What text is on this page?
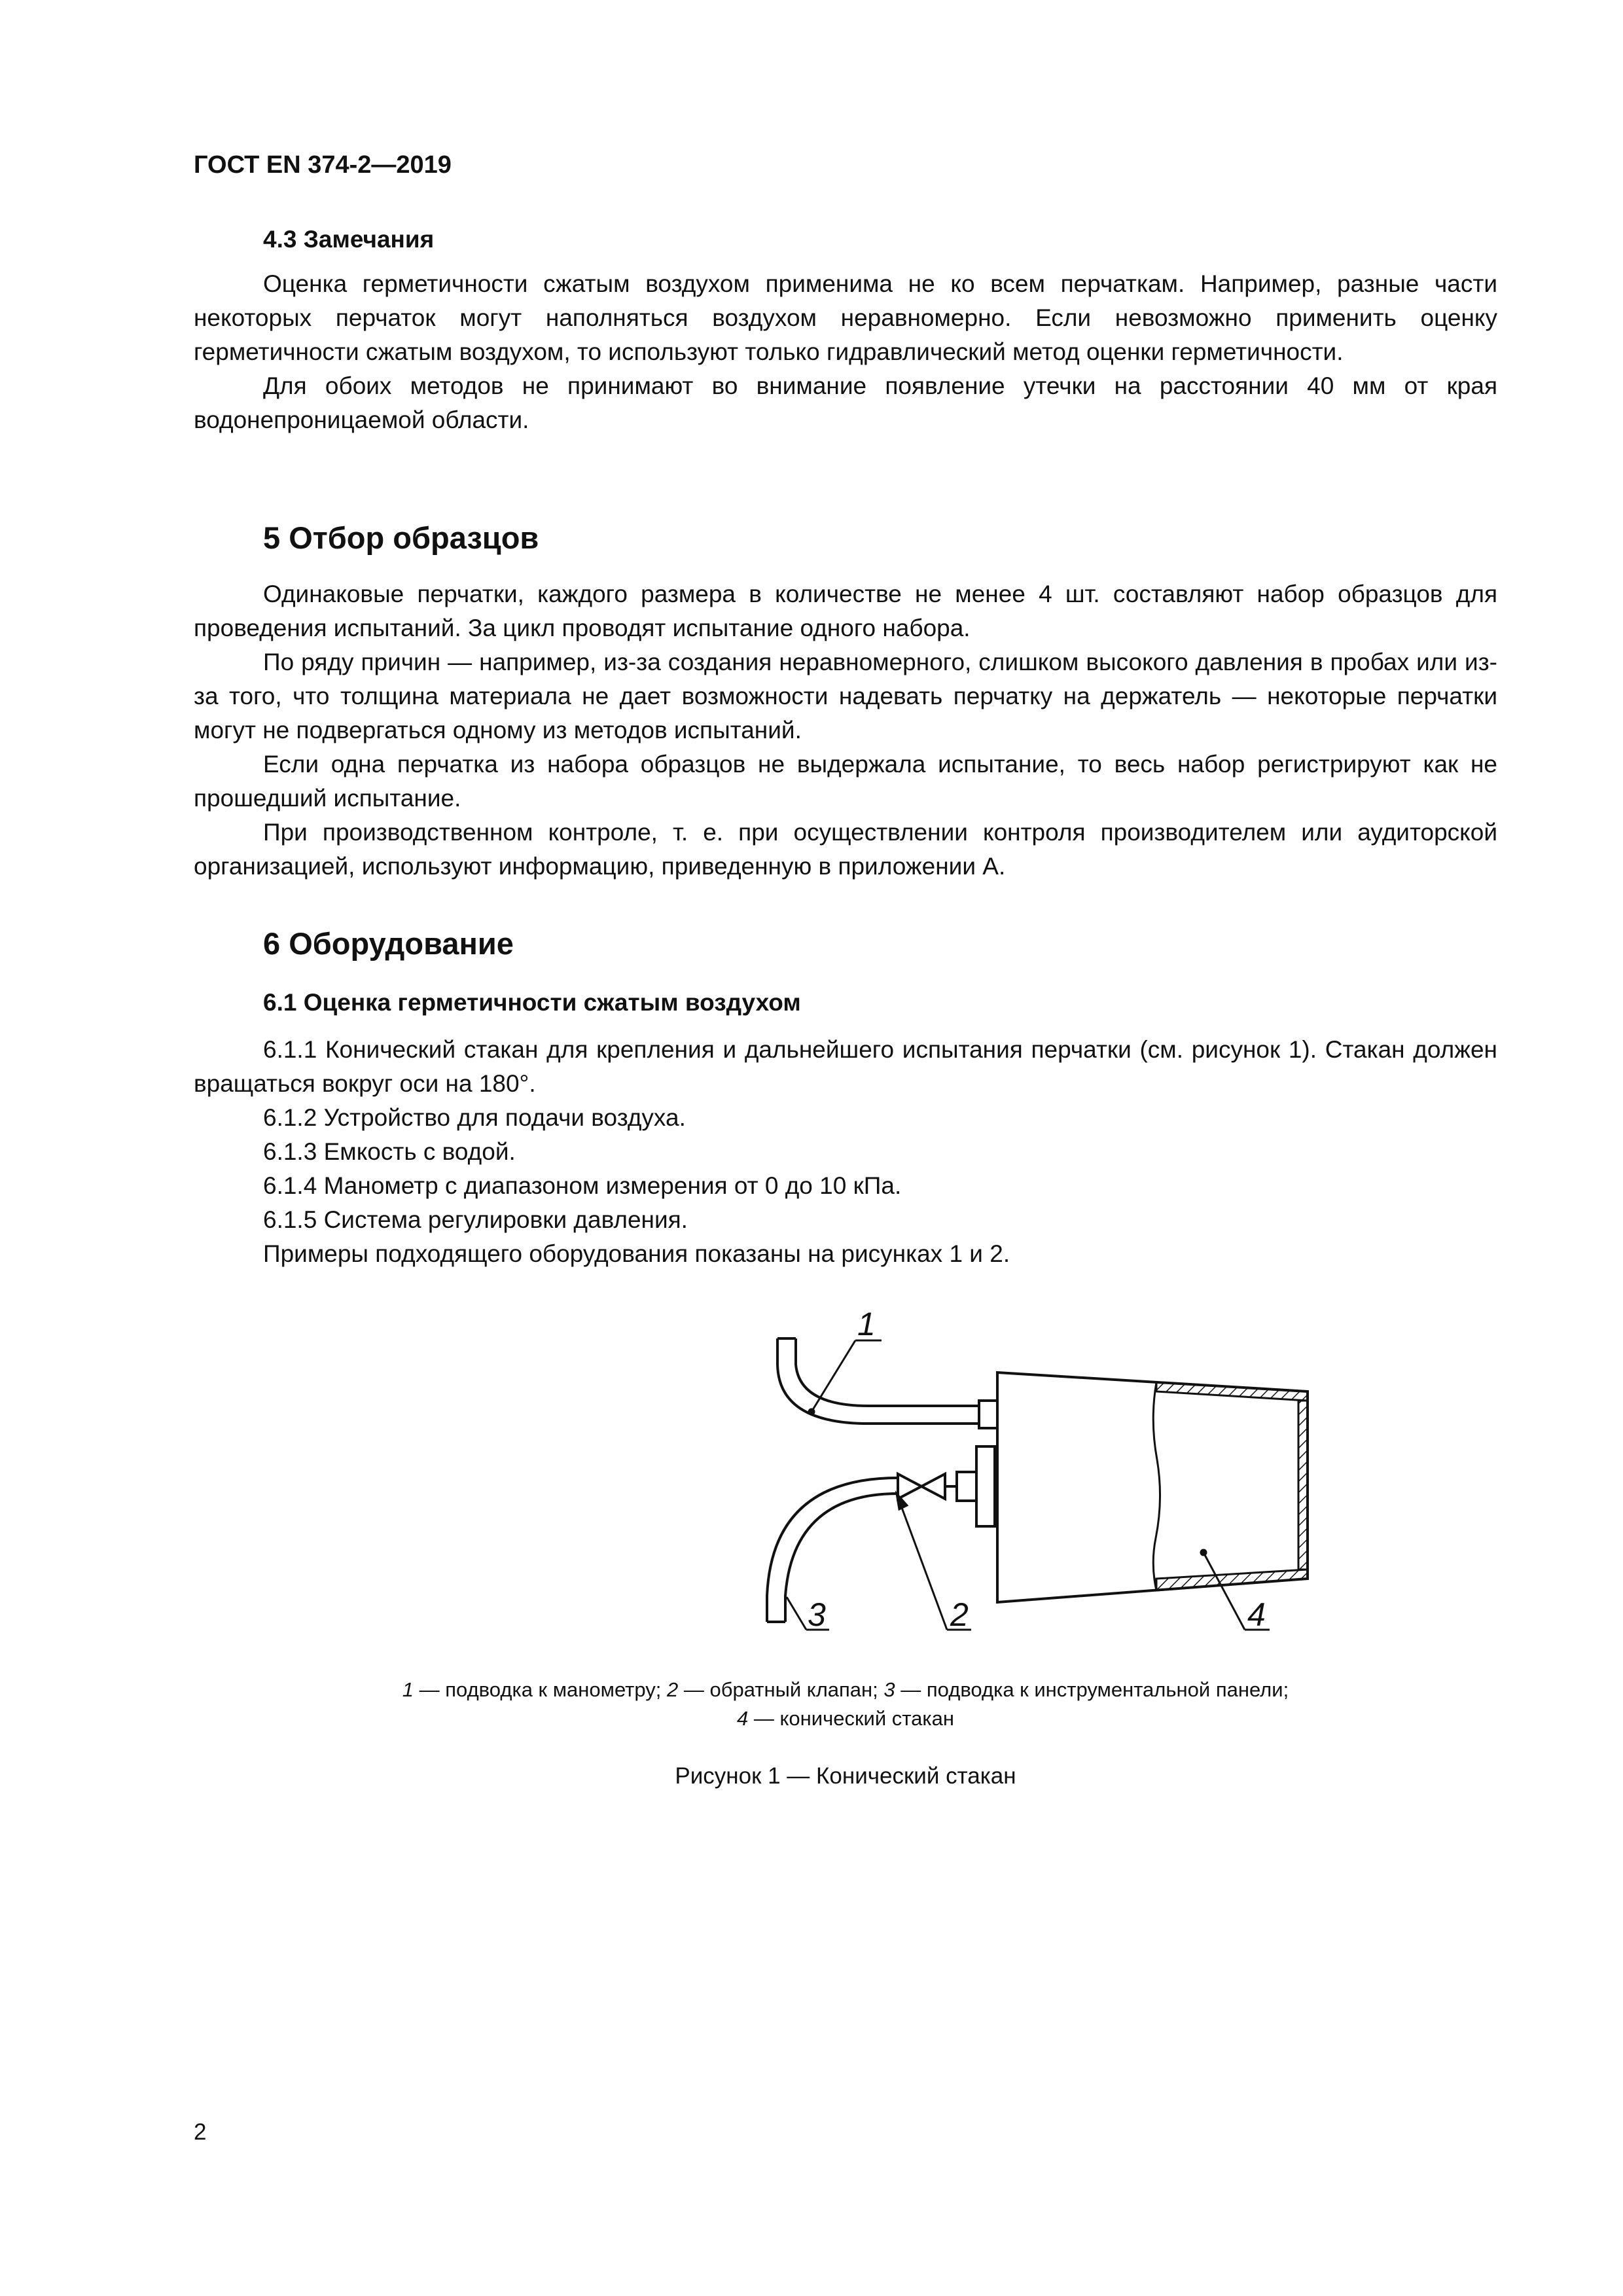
ГОСТ EN 374-2—2019
4.3 Замечания

Оценка герметичности сжатым воздухом применима не ко всем перчаткам. Например, разные части некоторых перчаток могут наполняться воздухом неравномерно. Если невозможно применить оценку герметичности сжатым воздухом, то используют только гидравлический метод оценки герметичности.

Для обоих методов не принимают во внимание появление утечки на расстоянии 40 мм от края водонепроницаемой области.

5 Отбор образцов

Одинаковые перчатки, каждого размера в количестве не менее 4 шт. составляют набор образцов для проведения испытаний. За цикл проводят испытание одного набора.

По ряду причин — например, из-за создания неравномерного, слишком высокого давления в пробах или из-за того, что толщина материала не дает возможности надевать перчатку на держатель — некоторые перчатки могут не подвергаться одному из методов испытаний.

Если одна перчатка из набора образцов не выдержала испытание, то весь набор регистрируют как не прошедший испытание.

При производственном контроле, т. е. при осуществлении контроля производителем или аудиторской организацией, используют информацию, приведенную в приложении А.

6 Оборудование
6.1 Оценка герметичности сжатым воздухом

6.1.1 Конический стакан для крепления и дальнейшего испытания перчатки (см. рисунок 1). Стакан должен вращаться вокруг оси на 180°.

6.1.2 Устройство для подачи воздуха.

6.1.3 Емкость с водой.

6.1.4 Манометр с диапазоном измерения от 0 до 10 кПа.

6.1.5 Система регулировки давления.

Примеры подходящего оборудования показаны на рисунках 1 и 2.

1
2
3	4
1 — подводка к манометру; 2 — обратный клапан; 3 — подводка к инструментальной панели;
4 — конический стакан
Рисунок 1 — Конический стакан
2
